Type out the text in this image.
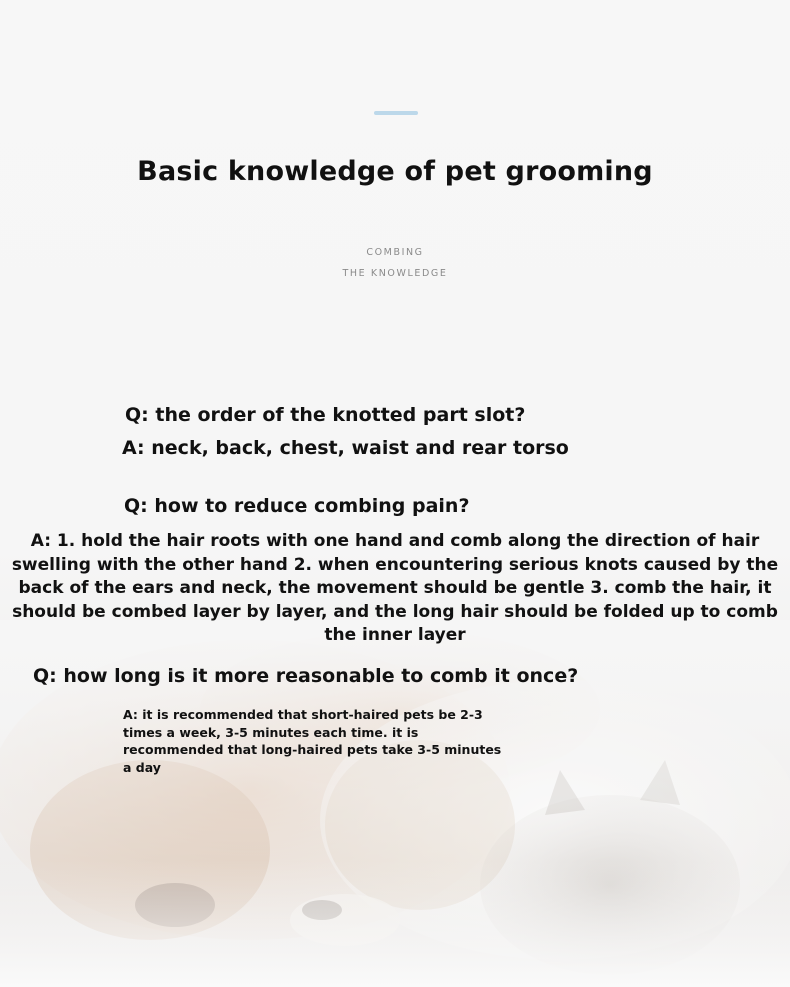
Basic knowledge of pet grooming
COMBING
THE KNOWLEDGE
Q: the order of the knotted part slot?
A: neck, back, chest, waist and rear torso
Q: how to reduce combing pain?
A: 1. hold the hair roots with one hand and comb along the direction of hair swelling with the other hand 2. when encountering serious knots caused by the back of the ears and neck, the movement should be gentle 3. comb the hair, it should be combed layer by layer, and the long hair should be folded up to comb the inner layer
Q: how long is it more reasonable to comb it once?
A: it is recommended that short-haired pets be 2-3 times a week, 3-5 minutes each time. it is recommended that long-haired pets take 3-5 minutes a day
